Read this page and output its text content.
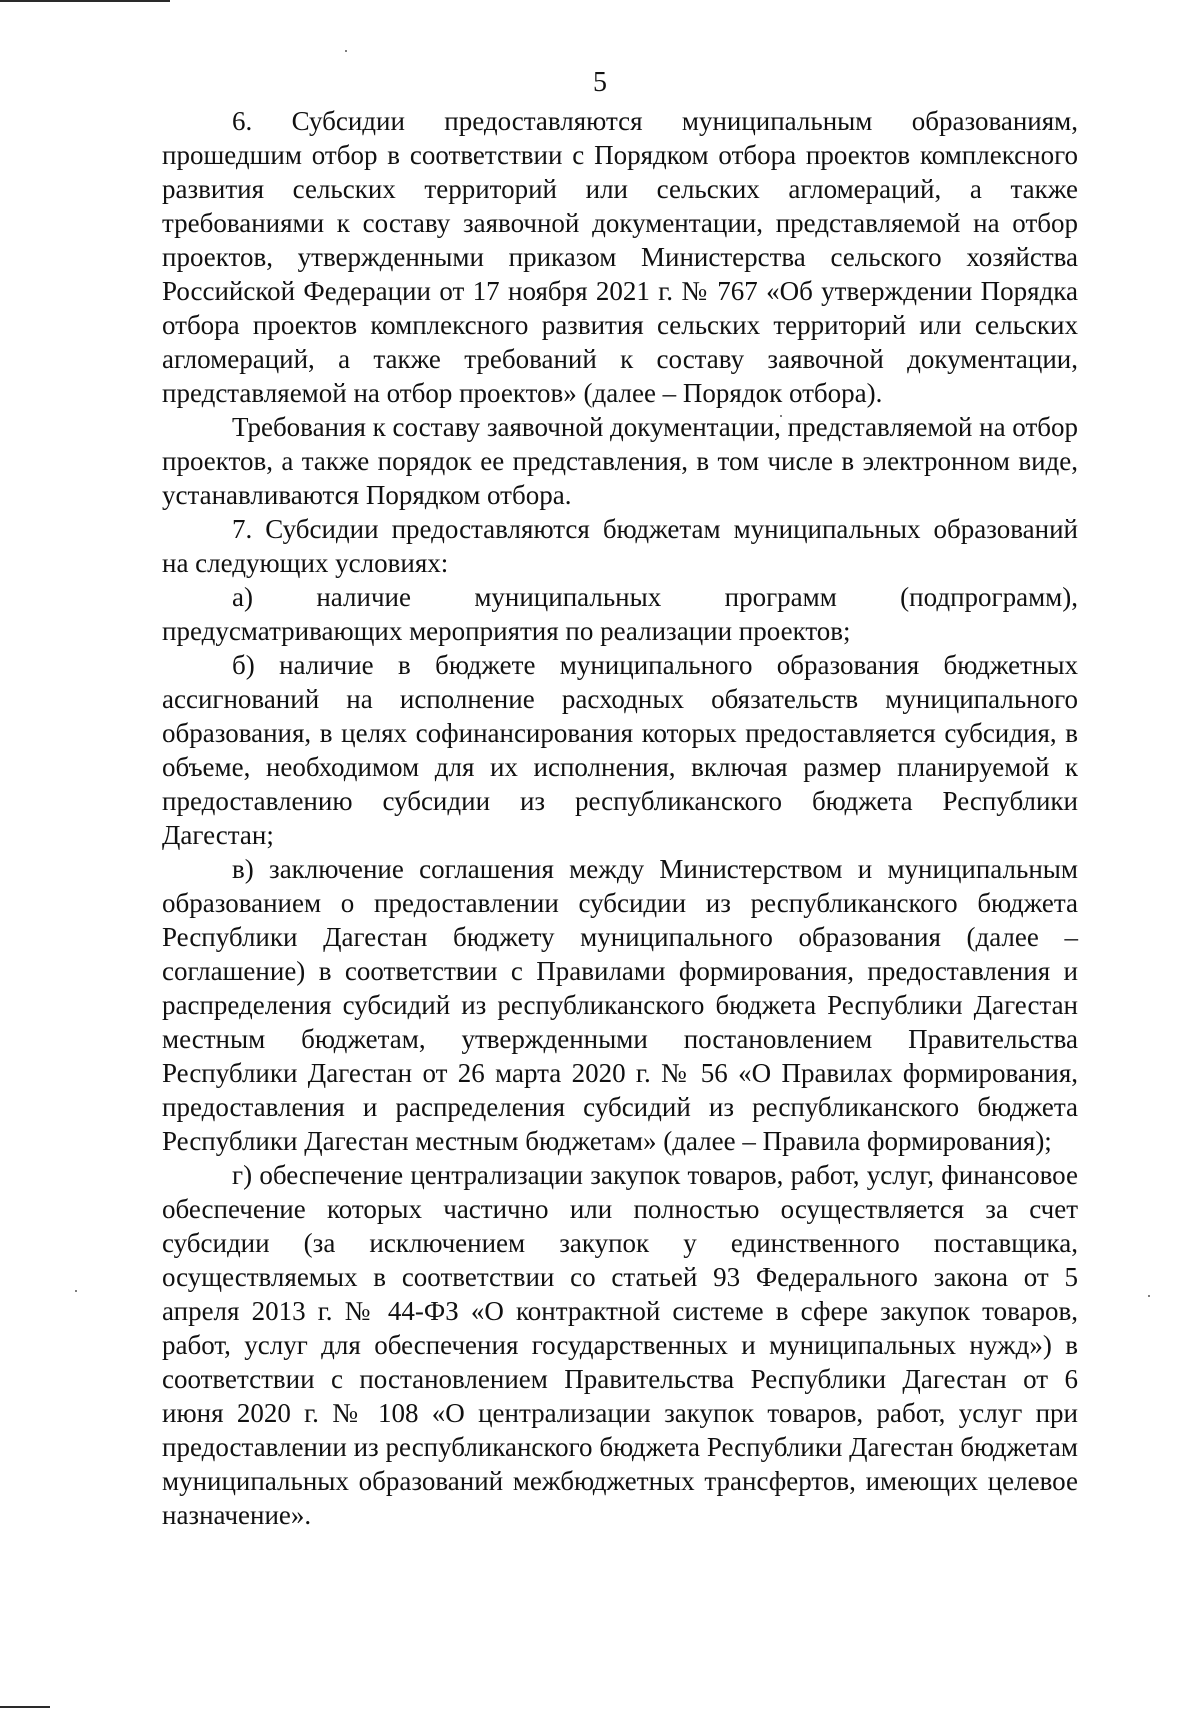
5

6. Субсидии предоставляются муниципальным образованиям, прошедшим отбор в соответствии с Порядком отбора проектов комплексного развития сельских территорий или сельских агломераций, а также требованиями к составу заявочной документации, представляемой на отбор проектов, утвержденными приказом Министерства сельского хозяйства Российской Федерации от 17 ноября 2021 г. № 767 «Об утверждении Порядка отбора проектов комплексного развития сельских территорий или сельских агломераций, а также требований к составу заявочной документации, представляемой на отбор проектов» (далее – Порядок отбора).

Требования к составу заявочной документации, представляемой на отбор проектов, а также порядок ее представления, в том числе в электронном виде, устанавливаются Порядком отбора.

7. Субсидии предоставляются бюджетам муниципальных образований на следующих условиях:

а) наличие муниципальных программ (подпрограмм), предусматривающих мероприятия по реализации проектов;

б) наличие в бюджете муниципального образования бюджетных ассигнований на исполнение расходных обязательств муниципального образования, в целях софинансирования которых предоставляется субсидия, в объеме, необходимом для их исполнения, включая размер планируемой к предоставлению субсидии из республиканского бюджета Республики Дагестан;

в) заключение соглашения между Министерством и муниципальным образованием о предоставлении субсидии из республиканского бюджета Республики Дагестан бюджету муниципального образования (далее – соглашение) в соответствии с Правилами формирования, предоставления и распределения субсидий из республиканского бюджета Республики Дагестан местным бюджетам, утвержденными постановлением Правительства Республики Дагестан от 26 марта 2020 г. № 56 «О Правилах формирования, предоставления и распределения субсидий из республиканского бюджета Республики Дагестан местным бюджетам» (далее – Правила формирования);

г) обеспечение централизации закупок товаров, работ, услуг, финансовое обеспечение которых частично или полностью осуществляется за счет субсидии (за исключением закупок у единственного поставщика, осуществляемых в соответствии со статьей 93 Федерального закона от 5 апреля 2013 г. № 44-ФЗ «О контрактной системе в сфере закупок товаров, работ, услуг для обеспечения государственных и муниципальных нужд») в соответствии с постановлением Правительства Республики Дагестан от 6 июня 2020 г. № 108 «О централизации закупок товаров, работ, услуг при предоставлении из республиканского бюджета Республики Дагестан бюджетам муниципальных образований межбюджетных трансфертов, имеющих целевое назначение».
